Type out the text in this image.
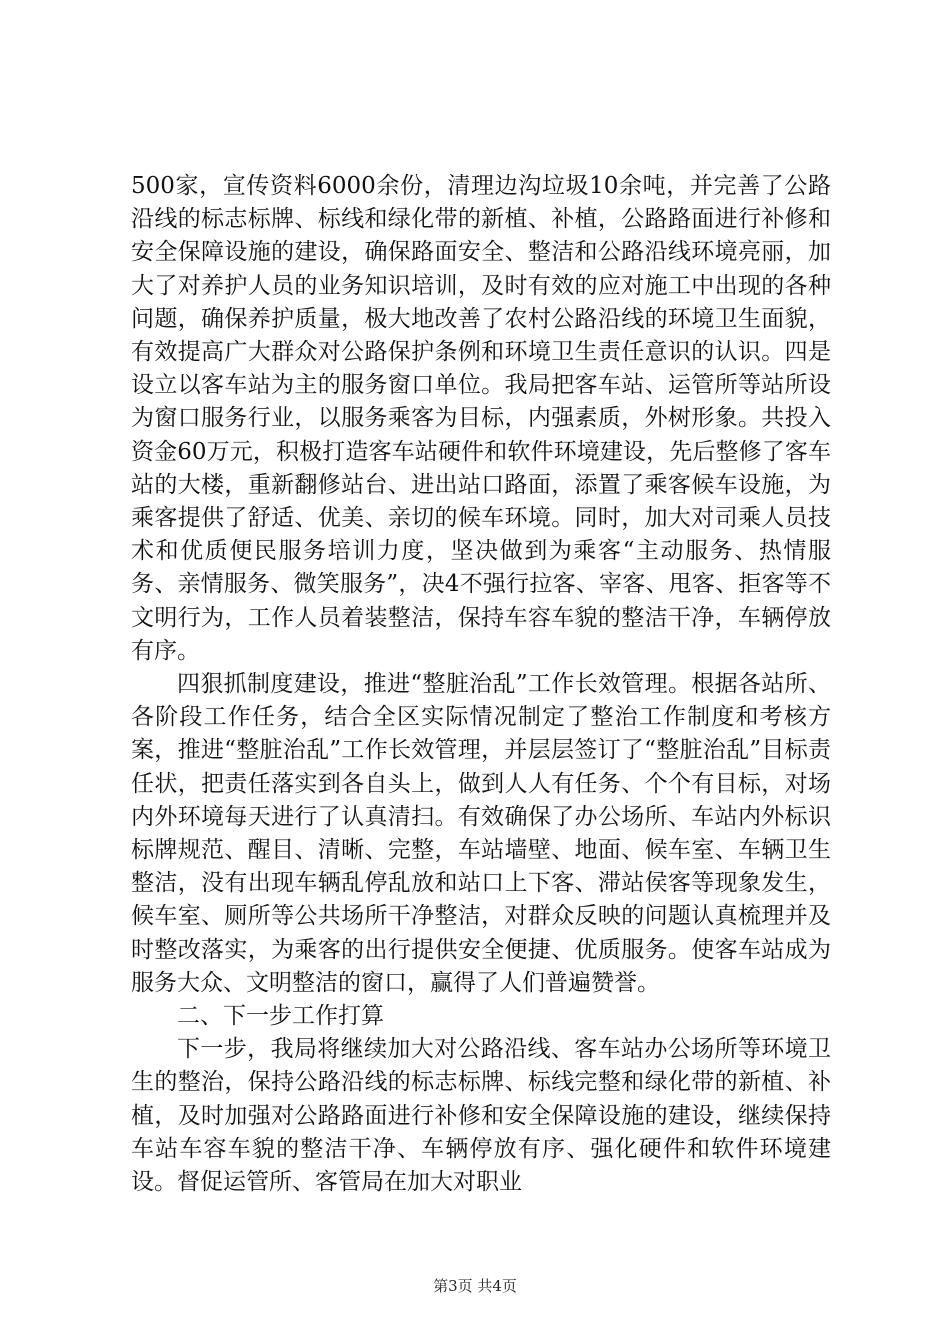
500家，宣传资料6000余份，清理边沟垃圾10余吨，并完善了公路沿线的标志标牌、标线和绿化带的新植、补植，公路路面进行补修和安全保障设施的建设，确保路面安全、整洁和公路沿线环境亮丽，加大了对养护人员的业务知识培训，及时有效的应对施工中出现的各种问题，确保养护质量，极大地改善了农村公路沿线的环境卫生面貌，有效提高广大群众对公路保护条例和环境卫生责任意识的认识。四是设立以客车站为主的服务窗口单位。我局把客车站、运管所等站所设为窗口服务行业，以服务乘客为目标，内强素质，外树形象。共投入资金60万元，积极打造客车站硬件和软件环境建设，先后整修了客车站的大楼，重新翻修站台、进出站口路面，添置了乘客候车设施，为乘客提供了舒适、优美、亲切的候车环境。同时，加大对司乘人员技术和优质便民服务培训力度，坚决做到为乘客“主动服务、热情服务、亲情服务、微笑服务”，决4不强行拉客、宰客、甩客、拒客等不文明行为，工作人员着装整洁，保持车容车貌的整洁干净，车辆停放有序。

四狠抓制度建设，推进“整脏治乱”工作长效管理。根据各站所、各阶段工作任务，结合全区实际情况制定了整治工作制度和考核方案，推进“整脏治乱”工作长效管理，并层层签订了“整脏治乱”目标责任状，把责任落实到各自头上，做到人人有任务、个个有目标，对场内外环境每天进行了认真清扫。有效确保了办公场所、车站内外标识标牌规范、醒目、清晰、完整，车站墙壁、地面、候车室、车辆卫生整洁，没有出现车辆乱停乱放和站口上下客、滞站侯客等现象发生，候车室、厕所等公共场所干净整洁，对群众反映的问题认真梳理并及时整改落实，为乘客的出行提供安全便捷、优质服务。使客车站成为服务大众、文明整洁的窗口，赢得了人们普遍赞誉。

二、下一步工作打算

下一步，我局将继续加大对公路沿线、客车站办公场所等环境卫生的整治，保持公路沿线的标志标牌、标线完整和绿化带的新植、补植，及时加强对公路路面进行补修和安全保障设施的建设，继续保持车站车容车貌的整洁干净、车辆停放有序、强化硬件和软件环境建设。督促运管所、客管局在加大对职业

第3页 共4页
